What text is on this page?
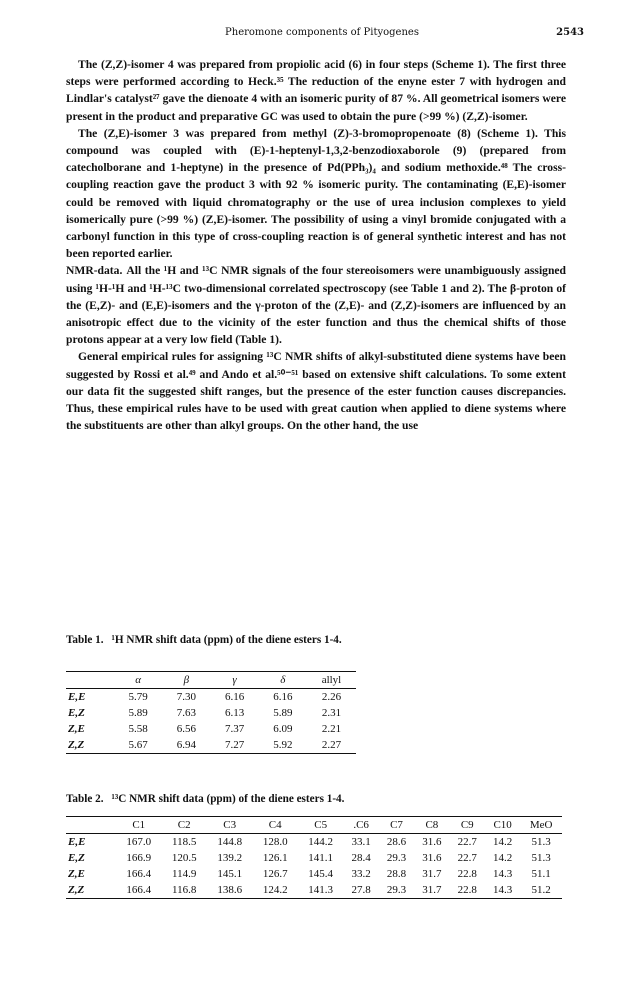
Pheromone components of Pityogenes	2543

The (Z,Z)-isomer 4 was prepared from propiolic acid (6) in four steps (Scheme 1). The first three steps were performed according to Heck.³⁵ The reduction of the enyne ester 7 with hydrogen and Lindlar's catalyst²⁷ gave the dienoate 4 with an isomeric purity of 87 %. All geometrical isomers were present in the product and preparative GC was used to obtain the pure (>99 %) (Z,Z)-isomer.

The (Z,E)-isomer 3 was prepared from methyl (Z)-3-bromopropenoate (8) (Scheme 1). This compound was coupled with (E)-1-heptenyl-1,3,2-benzodioxaborole (9) (prepared from catecholborane and 1-heptyne) in the presence of Pd(PPh₃)₄ and sodium methoxide.⁴⁸ The cross-coupling reaction gave the product 3 with 92 % isomeric purity. The contaminating (E,E)-isomer could be removed with liquid chromatography or the use of urea inclusion complexes to yield isomerically pure (>99 %) (Z,E)-isomer. The possibility of using a vinyl bromide conjugated with a carbonyl function in this type of cross-coupling reaction is of general synthetic interest and has not been reported earlier.

NMR-data. All the ¹H and ¹³C NMR signals of the four stereoisomers were unambiguously assigned using ¹H-¹H and ¹H-¹³C two-dimensional correlated spectroscopy (see Table 1 and 2). The β-proton of the (E,Z)- and (E,E)-isomers and the γ-proton of the (Z,E)- and (Z,Z)-isomers are influenced by an anisotropic effect due to the vicinity of the ester function and thus the chemical shifts of those protons appear at a very low field (Table 1).

General empirical rules for assigning ¹³C NMR shifts of alkyl-substituted diene systems have been suggested by Rossi et al.⁴⁹ and Ando et al.⁵⁰⁻⁵¹ based on extensive shift calculations. To some extent our data fit the suggested shift ranges, but the presence of the ester function causes discrepancies. Thus, these empirical rules have to be used with great caution when applied to diene systems where the substituents are other than alkyl groups. On the other hand, the use

Table 1. ¹H NMR shift data (ppm) of the diene esters 1-4.
	α	β	γ	δ	allyl
E,E	5.79	7.30	6.16	6.16	2.26
E,Z	5.89	7.63	6.13	5.89	2.31
Z,E	5.58	6.56	7.37	6.09	2.21
Z,Z	5.67	6.94	7.27	5.92	2.27
Table 2. ¹³C NMR shift data (ppm) of the diene esters 1-4.
	C1	C2	C3	C4	C5	.C6	C7	C8	C9	C10	MeO
E,E	167.0	118.5	144.8	128.0	144.2	33.1	28.6	31.6	22.7	14.2	51.3
E,Z	166.9	120.5	139.2	126.1	141.1	28.4	29.3	31.6	22.7	14.2	51.3
Z,E	166.4	114.9	145.1	126.7	145.4	33.2	28.8	31.7	22.8	14.3	51.1
Z,Z	166.4	116.8	138.6	124.2	141.3	27.8	29.3	31.7	22.8	14.3	51.2
